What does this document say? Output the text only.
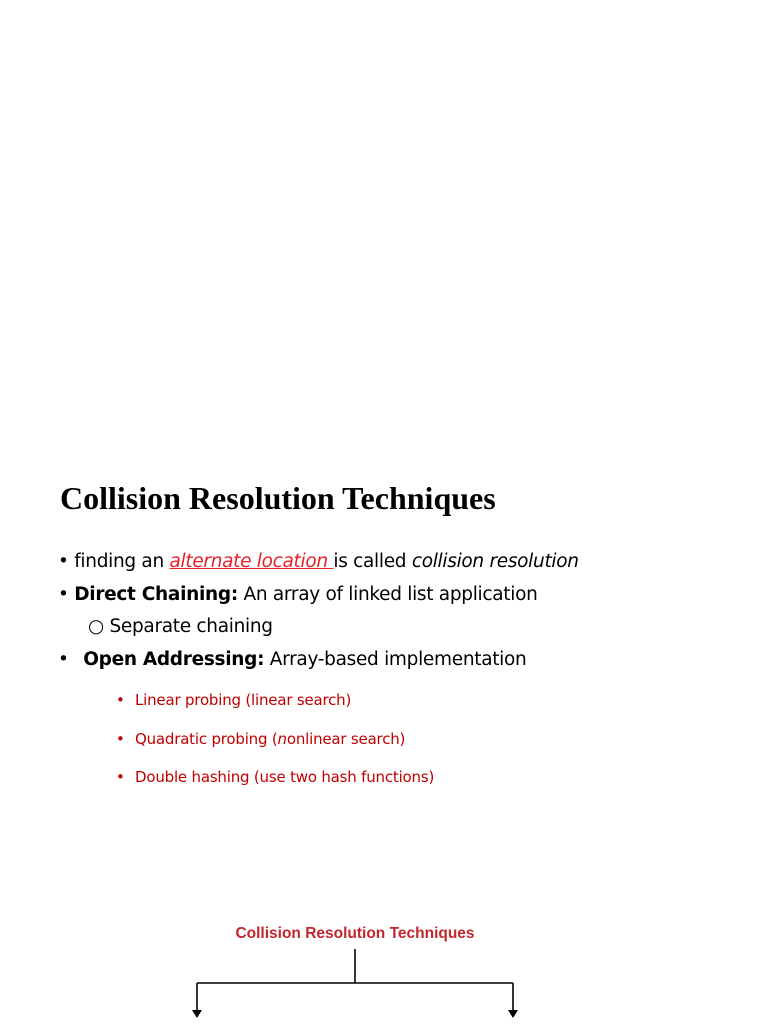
Collision Resolution Techniques
• finding an alternate location is called collision resolution
• Direct Chaining: An array of linked list application
○ Separate chaining
• Open Addressing: Array-based implementation
• Linear probing (linear search)
• Quadratic probing (nonlinear search)
• Double hashing (use two hash functions)
Collision Resolution Techniques
